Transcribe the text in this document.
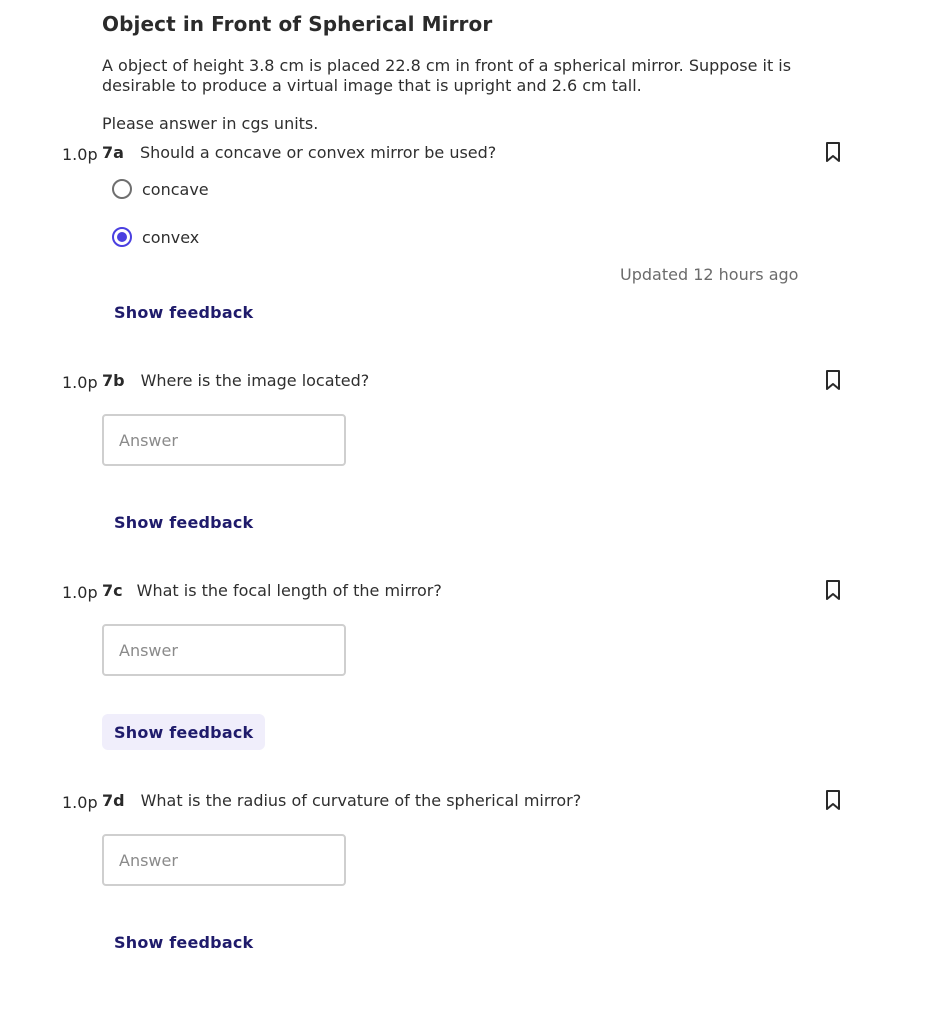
Object in Front of Spherical Mirror
A object of height 3.8 cm is placed 22.8 cm in front of a spherical mirror. Suppose it is desirable to produce a virtual image that is upright and 2.6 cm tall.
Please answer in cgs units.
1.0p 7a Should a concave or convex mirror be used?
concave
convex
Updated 12 hours ago
Show feedback
1.0p 7b Where is the image located?
Answer
Show feedback
1.0p 7c What is the focal length of the mirror?
Answer
Show feedback
1.0p 7d What is the radius of curvature of the spherical mirror?
Answer
Show feedback
